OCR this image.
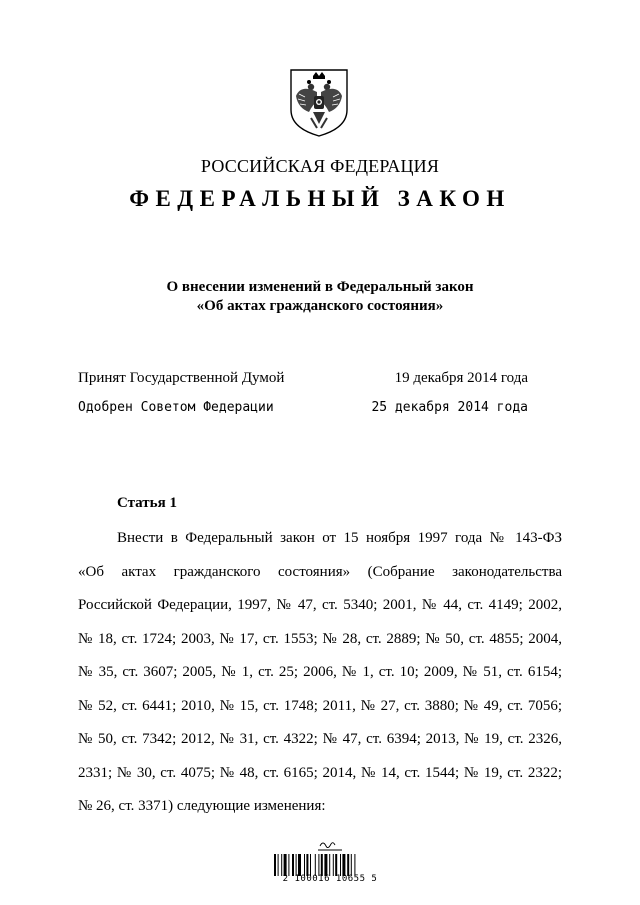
РОССИЙСКАЯ ФЕДЕРАЦИЯ
ФЕДЕРАЛЬНЫЙ ЗАКОН
О внесении изменений в Федеральный закон
«Об актах гражданского состояния»
Принят Государственной Думой	19 декабря 2014 года
Одобрен Советом Федерации	25 декабря 2014 года
Статья 1
Внести в Федеральный закон от 15 ноября 1997 года № 143-ФЗ
«Об актах гражданского состояния» (Собрание законодательства
Российской Федерации, 1997, № 47, ст. 5340; 2001, № 44, ст. 4149; 2002,
№ 18, ст. 1724; 2003, № 17, ст. 1553; № 28, ст. 2889; № 50, ст. 4855; 2004,
№ 35, ст. 3607; 2005, № 1, ст. 25; 2006, № 1, ст. 10; 2009, № 51, ст. 6154;
№ 52, ст. 6441; 2010, № 15, ст. 1748; 2011, № 27, ст. 3880; № 49, ст. 7056;
№ 50, ст. 7342; 2012, № 31, ст. 4322; № 47, ст. 6394; 2013, № 19, ст. 2326,
2331; № 30, ст. 4075; № 48, ст. 6165; 2014, № 14, ст. 1544; № 19, ст. 2322;
№ 26, ст. 3371) следующие изменения:
2 100016 10655 5
